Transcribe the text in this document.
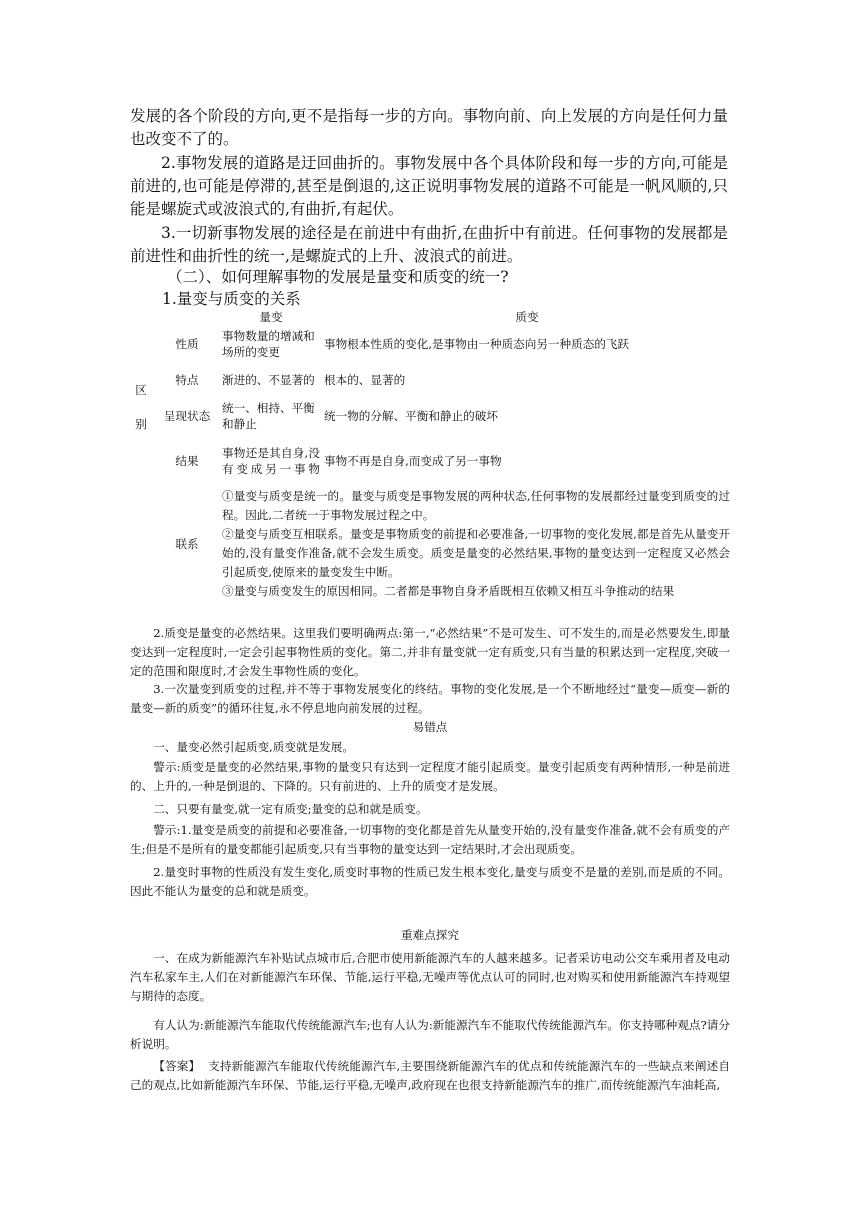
发展的各个阶段的方向,更不是指每一步的方向。事物向前、向上发展的方向是任何力量也改变不了的。

2.事物发展的道路是迂回曲折的。事物发展中各个具体阶段和每一步的方向,可能是前进的,也可能是停滞的,甚至是倒退的,这正说明事物发展的道路不可能是一帆风顺的,只能是螺旋式或波浪式的,有曲折,有起伏。

3.一切新事物发展的途径是在前进中有曲折,在曲折中有前进。任何事物的发展都是前进性和曲折性的统一,是螺旋式的上升、波浪式的前进。

（二）、如何理解事物的发展是量变和质变的统一?

1.量变与质变的关系

		量变	质变
区别	性质	事物数量的增减和场所的变更	事物根本性质的变化,是事物由一种质态向另一种质态的飞跃
	特点	渐进的、不显著的	根本的、显著的
	呈现状态	统一、相持、平衡和静止	统一物的分解、平衡和静止的破坏
	结果	事物还是其自身,没有变成另一事物	事物不再是自身,而变成了另一事物
	联系	①量变与质变是统一的。量变与质变是事物发展的两种状态,任何事物的发展都经过量变到质变的过程。因此,二者统一于事物发展过程之中。

②量变与质变互相联系。量变是事物质变的前提和必要准备,一切事物的变化发展,都是首先从量变开始的,没有量变作准备,就不会发生质变。质变是量变的必然结果,事物的量变达到一定程度又必然会引起质变,使原来的量变发生中断。

③量变与质变发生的原因相同。二者都是事物自身矛盾既相互依赖又相互斗争推动的结果	

2.质变是量变的必然结果。这里我们要明确两点:第一,“必然结果”不是可发生、可不发生的,而是必然要发生,即量变达到一定程度时,一定会引起事物性质的变化。第二,并非有量变就一定有质变,只有当量的积累达到一定程度,突破一定的范围和限度时,才会发生事物性质的变化。

3.一次量变到质变的过程,并不等于事物发展变化的终结。事物的变化发展,是一个不断地经过“量变—质变—新的量变—新的质变”的循环往复,永不停息地向前发展的过程。

易错点

一、量变必然引起质变,质变就是发展。

警示:质变是量变的必然结果,事物的量变只有达到一定程度才能引起质变。量变引起质变有两种情形,一种是前进的、上升的,一种是倒退的、下降的。只有前进的、上升的质变才是发展。

二、只要有量变,就一定有质变;量变的总和就是质变。

警示:1.量变是质变的前提和必要准备,一切事物的变化都是首先从量变开始的,没有量变作准备,就不会有质变的产生;但是不是所有的量变都能引起质变,只有当事物的量变达到一定结果时,才会出现质变。

2.量变时事物的性质没有发生变化,质变时事物的性质已发生根本变化,量变与质变不是量的差别,而是质的不同。因此不能认为量变的总和就是质变。

重难点探究

一、在成为新能源汽车补贴试点城市后,合肥市使用新能源汽车的人越来越多。记者采访电动公交车乘用者及电动汽车私家车主,人们在对新能源汽车环保、节能,运行平稳,无噪声等优点认可的同时,也对购买和使用新能源汽车持观望与期待的态度。

有人认为:新能源汽车能取代传统能源汽车;也有人认为:新能源汽车不能取代传统能源汽车。你支持哪种观点?请分析说明。

【答案】 支持新能源汽车能取代传统能源汽车,主要围绕新能源汽车的优点和传统能源汽车的一些缺点来阐述自己的观点,比如新能源汽车环保、节能,运行平稳,无噪声,政府现在也很支持新能源汽车的推广,而传统能源汽车油耗高,
